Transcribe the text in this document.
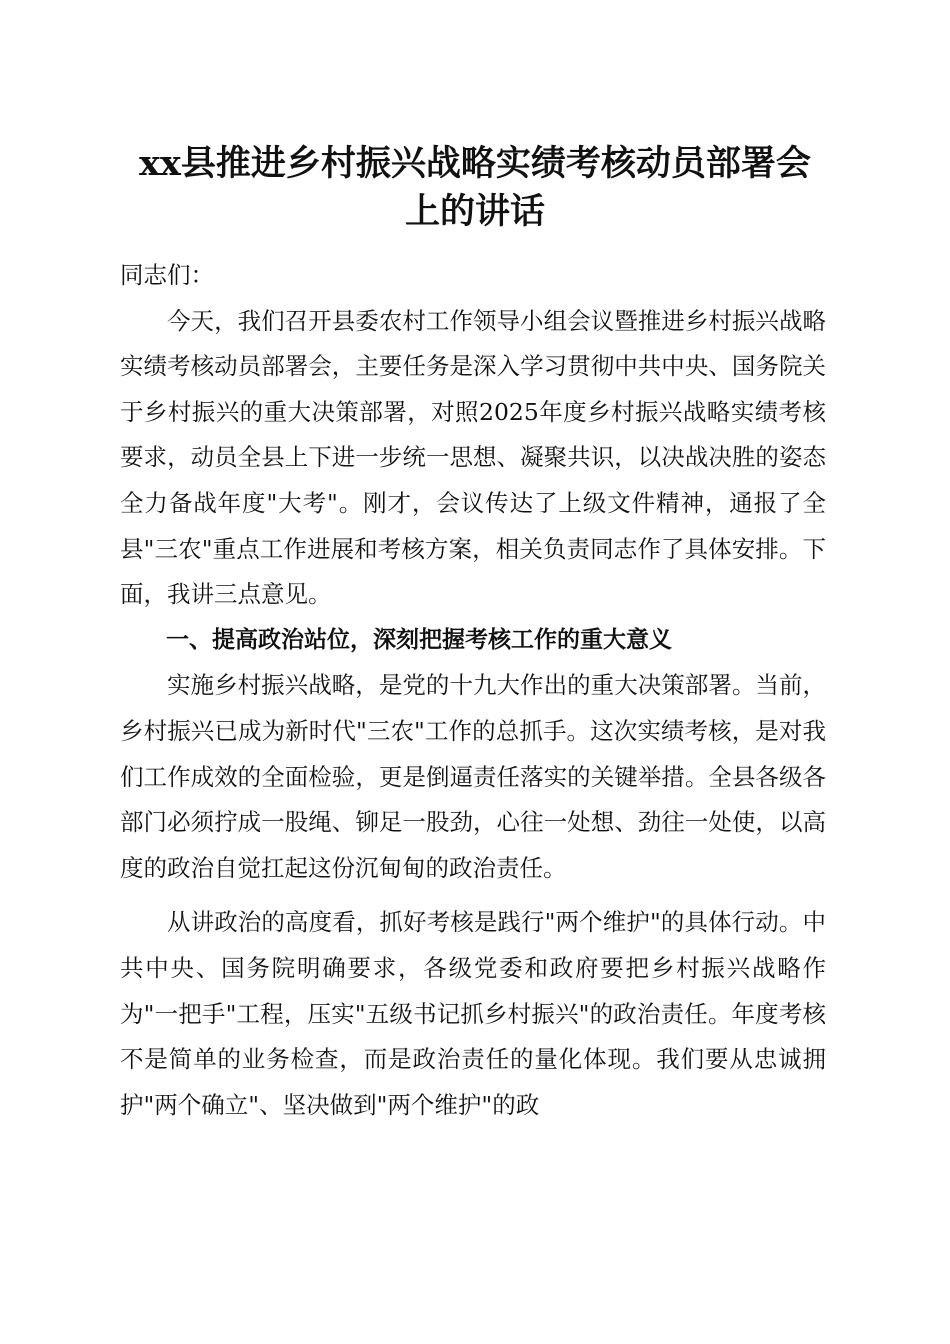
xx县推进乡村振兴战略实绩考核动员部署会
上的讲话

同志们：

今天，我们召开县委农村工作领导小组会议暨推进乡村振兴战略实绩考核动员部署会，主要任务是深入学习贯彻中共中央、国务院关于乡村振兴的重大决策部署，对照2025年度乡村振兴战略实绩考核要求，动员全县上下进一步统一思想、凝聚共识，以决战决胜的姿态全力备战年度"大考"。刚才，会议传达了上级文件精神，通报了全县"三农"重点工作进展和考核方案，相关负责同志作了具体安排。下面，我讲三点意见。

一、提高政治站位，深刻把握考核工作的重大意义

实施乡村振兴战略，是党的十九大作出的重大决策部署。当前，乡村振兴已成为新时代"三农"工作的总抓手。这次实绩考核，是对我们工作成效的全面检验，更是倒逼责任落实的关键举措。全县各级各部门必须拧成一股绳、铆足一股劲，心往一处想、劲往一处使，以高度的政治自觉扛起这份沉甸甸的政治责任。

从讲政治的高度看，抓好考核是践行"两个维护"的具体行动。中共中央、国务院明确要求，各级党委和政府要把乡村振兴战略作为"一把手"工程，压实"五级书记抓乡村振兴"的政治责任。年度考核不是简单的业务检查，而是政治责任的量化体现。我们要从忠诚拥护"两个确立"、坚决做到"两个维护"的政
